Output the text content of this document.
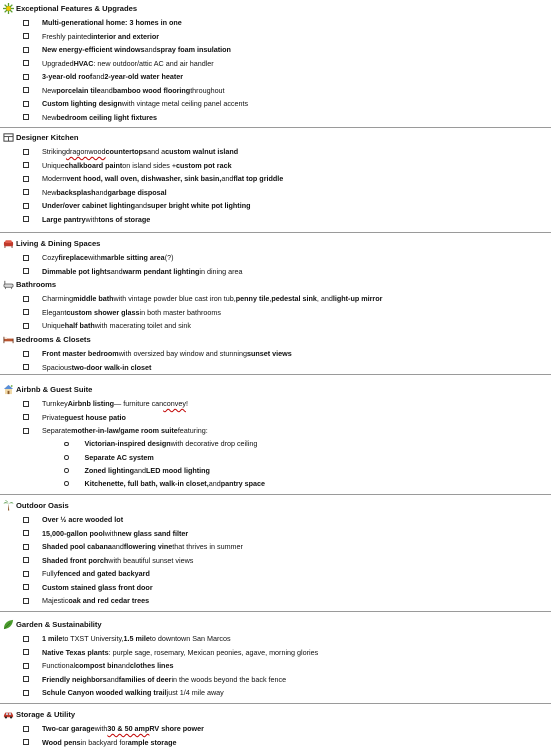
Exceptional Features & Upgrades
Multi-generational home: 3 homes in one
Freshly painted interior and exterior
New energy-efficient windows and spray foam insulation
Upgraded HVAC : new outdoor/attic AC and air handler
3-year-old roof and 2-year-old water heater
New porcelain tile and bamboo wood flooring throughout
Custom lighting design with vintage metal ceiling panel accents
New bedroom ceiling light fixtures
Designer Kitchen
Striking dragonwood countertops and a custom walnut island
Unique chalkboard paint on island sides + custom pot rack
Modern vent hood, wall oven, dishwasher, sink basin, and flat top griddle
New backsplash and garbage disposal
Under/over cabinet lighting and super bright white pot lighting
Large pantry with tons of storage
Living & Dining Spaces
Cozy fireplace with marble sitting area (?)
Dimmable pot lights and warm pendant lighting in dining area
Bathrooms
Charming middle bath with vintage powder blue cast iron tub, penny tile , pedestal sink , and light-up mirror
Elegant custom shower glass in both master bathrooms
Unique half bath with macerating toilet and sink
Bedrooms & Closets
Front master bedroom with oversized bay window and stunning sunset views
Spacious two-door walk-in closet
Airbnb & Guest Suite
Turnkey Airbnb listing — furniture can convey !
Private guest house patio
Separate mother-in-law/game room suite featuring:
Victorian-inspired design with decorative drop ceiling
Separate AC system
Zoned lighting and LED mood lighting
Kitchenette, full bath, walk-in closet, and pantry space
Outdoor Oasis
Over ½ acre wooded lot
15,000-gallon pool with new glass sand filter
Shaded pool cabana and flowering vine that thrives in summer
Shaded front porch with beautiful sunset views
Fully fenced and gated backyard
Custom stained glass front door
Majestic oak and red cedar trees
Garden & Sustainability
1 mile to TXST University, 1.5 mile to downtown San Marcos
Native Texas plants : purple sage, rosemary, Mexican peonies, agave, morning glories
Functional compost bin and clothes lines
Friendly neighbors and families of deer in the woods beyond the back fence
Schule Canyon wooded walking trail just 1/4 mile away
Storage & Utility
Two-car garage with 30 & 50 amp RV shore power
Wood pens in backyard for ample storage
